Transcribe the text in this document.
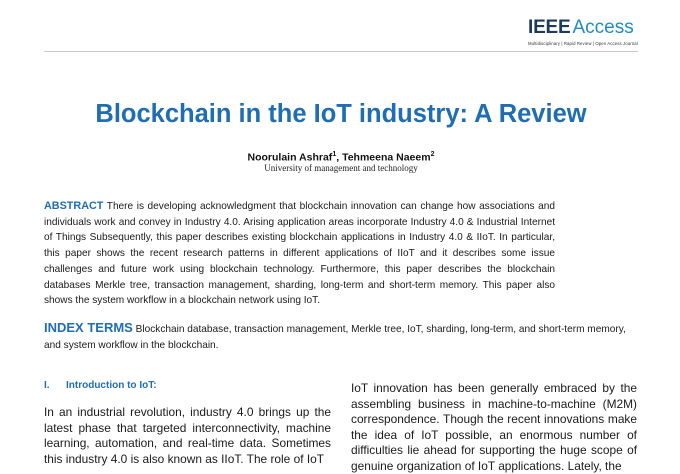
IEEE Access
Multidisciplinary | Rapid Review | Open Access Journal
Blockchain in the IoT industry: A Review
Noorulain Ashraf$^1$, Tehmeena Naeem$^2$
University of management and technology
ABSTRACT There is developing acknowledgment that blockchain innovation can change how associations and individuals work and convey in Industry 4.0. Arising application areas incorporate Industry 4.0 & Industrial Internet of Things Subsequently, this paper describes existing blockchain applications in Industry 4.0 & IIoT. In particular, this paper shows the recent research patterns in different applications of IIoT and it describes some issue challenges and future work using blockchain technology. Furthermore, this paper describes the blockchain databases Merkle tree, transaction management, sharding, long-term and short-term memory. This paper also shows the system workflow in a blockchain network using IoT.
INDEX TERMS Blockchain database, transaction management, Merkle tree, IoT, sharding, long-term, and short-term memory, and system workflow in the blockchain.
I. Introduction to IoT:
In an industrial revolution, industry 4.0 brings up the latest phase that targeted interconnectivity, machine learning, automation, and real-time data. Sometimes this industry 4.0 is also known as IIoT. The role of IoT
IoT innovation has been generally embraced by the assembling business in machine-to-machine (M2M) correspondence. Though the recent innovations make the idea of IoT possible, an enormous number of difficulties lie ahead for supporting the huge scope of genuine organization of IoT applications. Lately, the
